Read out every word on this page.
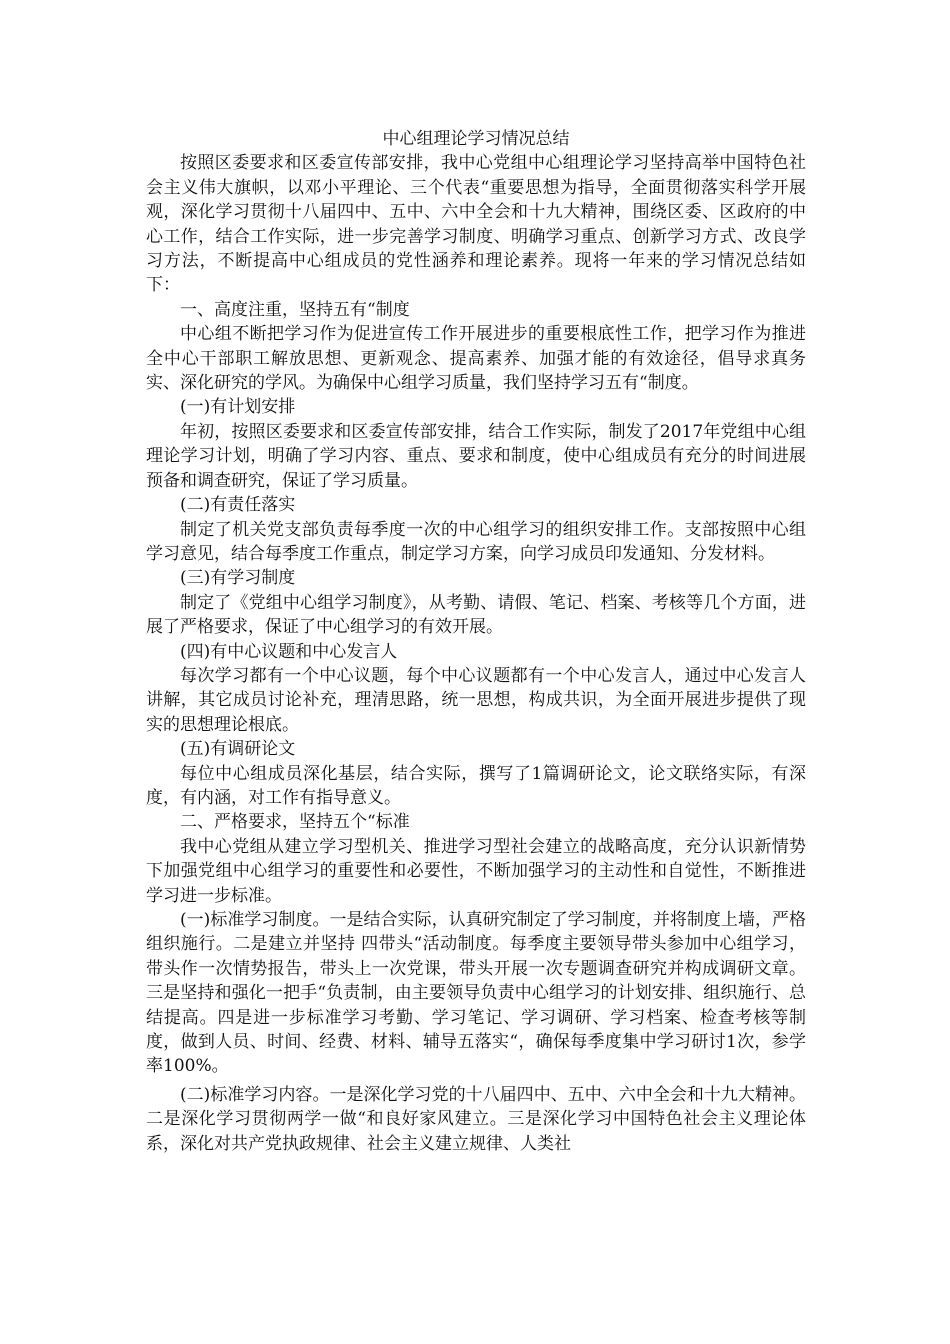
中心组理论学习情况总结

按照区委要求和区委宣传部安排，我中心党组中心组理论学习坚持高举中国特色社会主义伟大旗帜，以邓小平理论、三个代表“重要思想为指导，全面贯彻落实科学开展观，深化学习贯彻十八届四中、五中、六中全会和十九大精神，围绕区委、区政府的中心工作，结合工作实际，进一步完善学习制度、明确学习重点、创新学习方式、改良学习方法，不断提高中心组成员的党性涵养和理论素养。现将一年来的学习情况总结如下：

一、高度注重，坚持五有“制度

中心组不断把学习作为促进宣传工作开展进步的重要根底性工作，把学习作为推进全中心干部职工解放思想、更新观念、提高素养、加强才能的有效途径，倡导求真务实、深化研究的学风。为确保中心组学习质量，我们坚持学习五有“制度。

(一)有计划安排

年初，按照区委要求和区委宣传部安排，结合工作实际，制发了2017年党组中心组理论学习计划，明确了学习内容、重点、要求和制度，使中心组成员有充分的时间进展预备和调查研究，保证了学习质量。

(二)有责任落实

制定了机关党支部负责每季度一次的中心组学习的组织安排工作。支部按照中心组学习意见，结合每季度工作重点，制定学习方案，向学习成员印发通知、分发材料。

(三)有学习制度

制定了《党组中心组学习制度》，从考勤、请假、笔记、档案、考核等几个方面，进展了严格要求，保证了中心组学习的有效开展。

(四)有中心议题和中心发言人

每次学习都有一个中心议题，每个中心议题都有一个中心发言人，通过中心发言人讲解，其它成员讨论补充，理清思路，统一思想，构成共识，为全面开展进步提供了现实的思想理论根底。

(五)有调研论文

每位中心组成员深化基层，结合实际，撰写了1篇调研论文，论文联络实际，有深度，有内涵，对工作有指导意义。

二、严格要求，坚持五个“标准

我中心党组从建立学习型机关、推进学习型社会建立的战略高度，充分认识新情势下加强党组中心组学习的重要性和必要性，不断加强学习的主动性和自觉性，不断推进学习进一步标准。

(一)标准学习制度。一是结合实际，认真研究制定了学习制度，并将制度上墙，严格组织施行。二是建立并坚持 四带头“活动制度。每季度主要领导带头参加中心组学习，带头作一次情势报告，带头上一次党课，带头开展一次专题调查研究并构成调研文章。三是坚持和强化一把手“负责制，由主要领导负责中心组学习的计划安排、组织施行、总结提高。四是进一步标准学习考勤、学习笔记、学习调研、学习档案、检查考核等制度，做到人员、时间、经费、材料、辅导五落实“，确保每季度集中学习研讨1次，参学率100%。

(二)标准学习内容。一是深化学习党的十八届四中、五中、六中全会和十九大精神。二是深化学习贯彻两学一做“和良好家风建立。三是深化学习中国特色社会主义理论体系，深化对共产党执政规律、社会主义建立规律、人类社
